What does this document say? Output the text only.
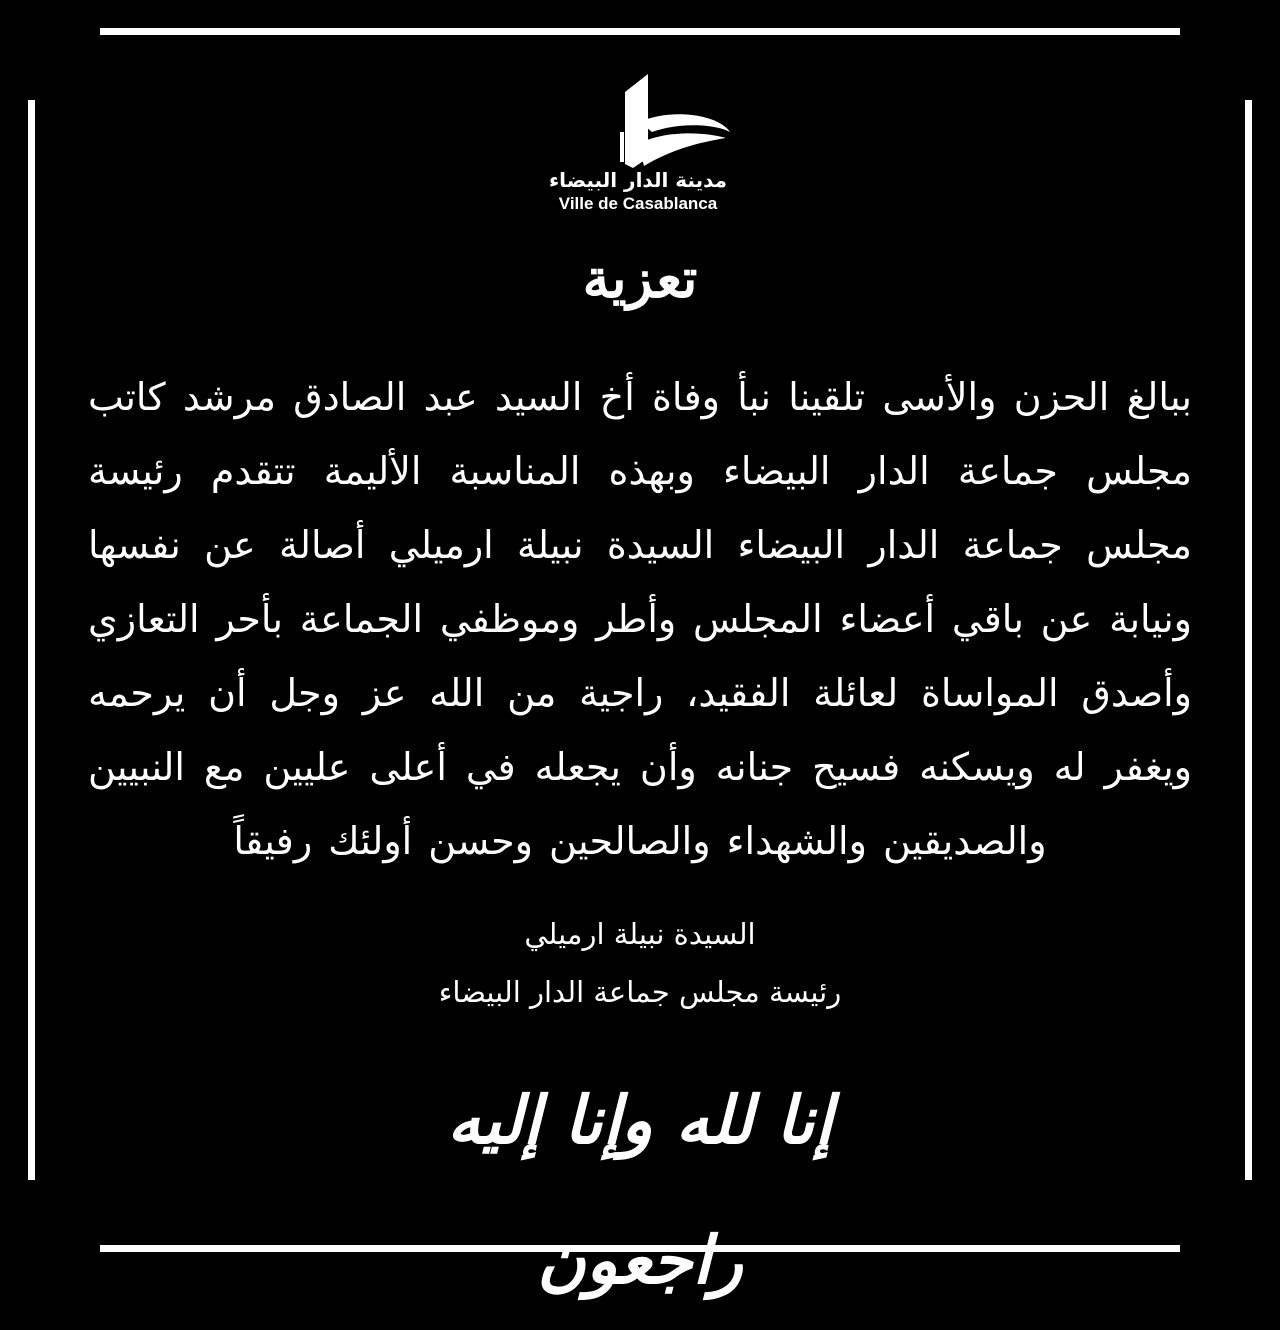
مدينة الدار البيضاء
Ville de Casablanca
تعزية
ببالغ الحزن والأسى تلقينا نبأ وفاة أخ السيد عبد الصادق مرشد كاتب مجلس جماعة الدار البيضاء وبهذه المناسبة الأليمة تتقدم رئيسة مجلس جماعة الدار البيضاء السيدة نبيلة ارميلي أصالة عن نفسها ونيابة عن باقي أعضاء المجلس وأطر وموظفي الجماعة بأحر التعازي وأصدق المواساة لعائلة الفقيد، راجية من الله عز وجل أن يرحمه ويغفر له ويسكنه فسيح جنانه وأن يجعله في أعلى عليين مع النبيين والصديقين والشهداء والصالحين وحسن أولئك رفيقاً
السيدة نبيلة ارميلي
رئيسة مجلس جماعة الدار البيضاء
إنا لله وإنا إليه راجعون
